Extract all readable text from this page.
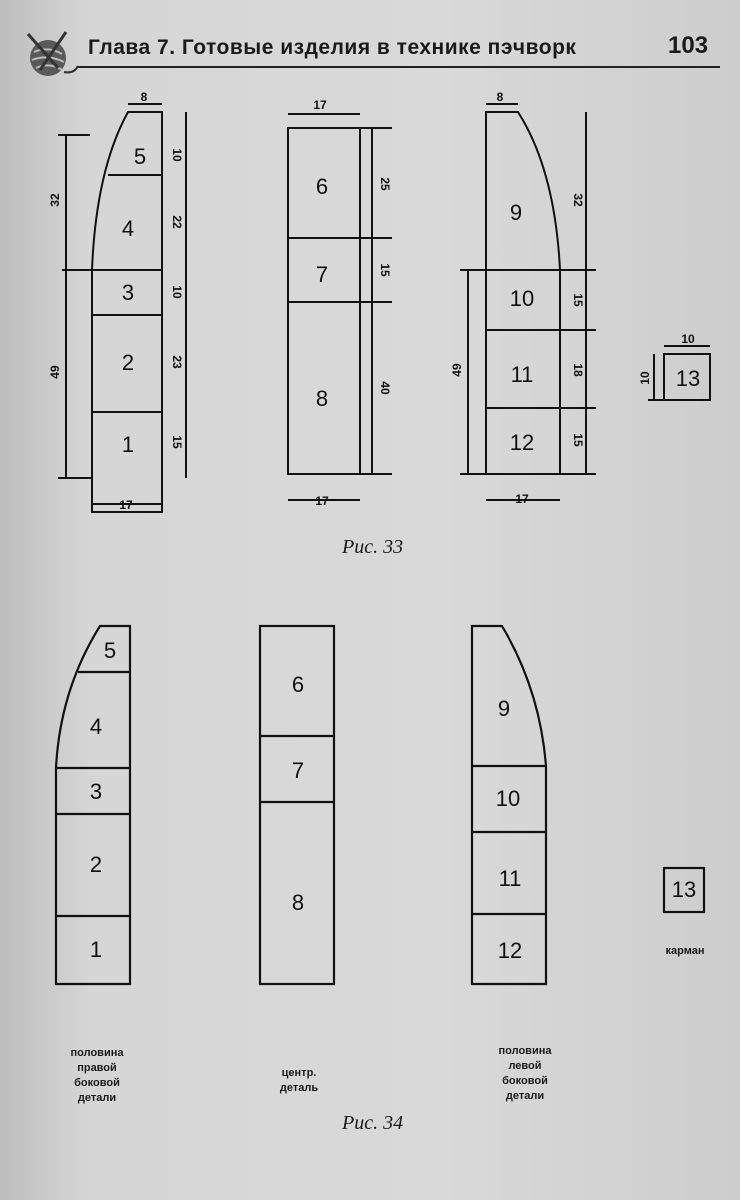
Глава 7. Готовые изделия в технике пэчворк	103
5
4
3
2
1
8
17
10
22
10
23
15
32
49
6
7
8
17
17
25
15
40
9
10
11
12
8
17
32
15
18
15
49	13
10
10
Рис. 33
5
4
3
2
1
6
7
8
9
10
11
12
13
половина
правой
боковой
детали
центр.
деталь
половина
левой
боковой
детали
карман
Рис. 34
